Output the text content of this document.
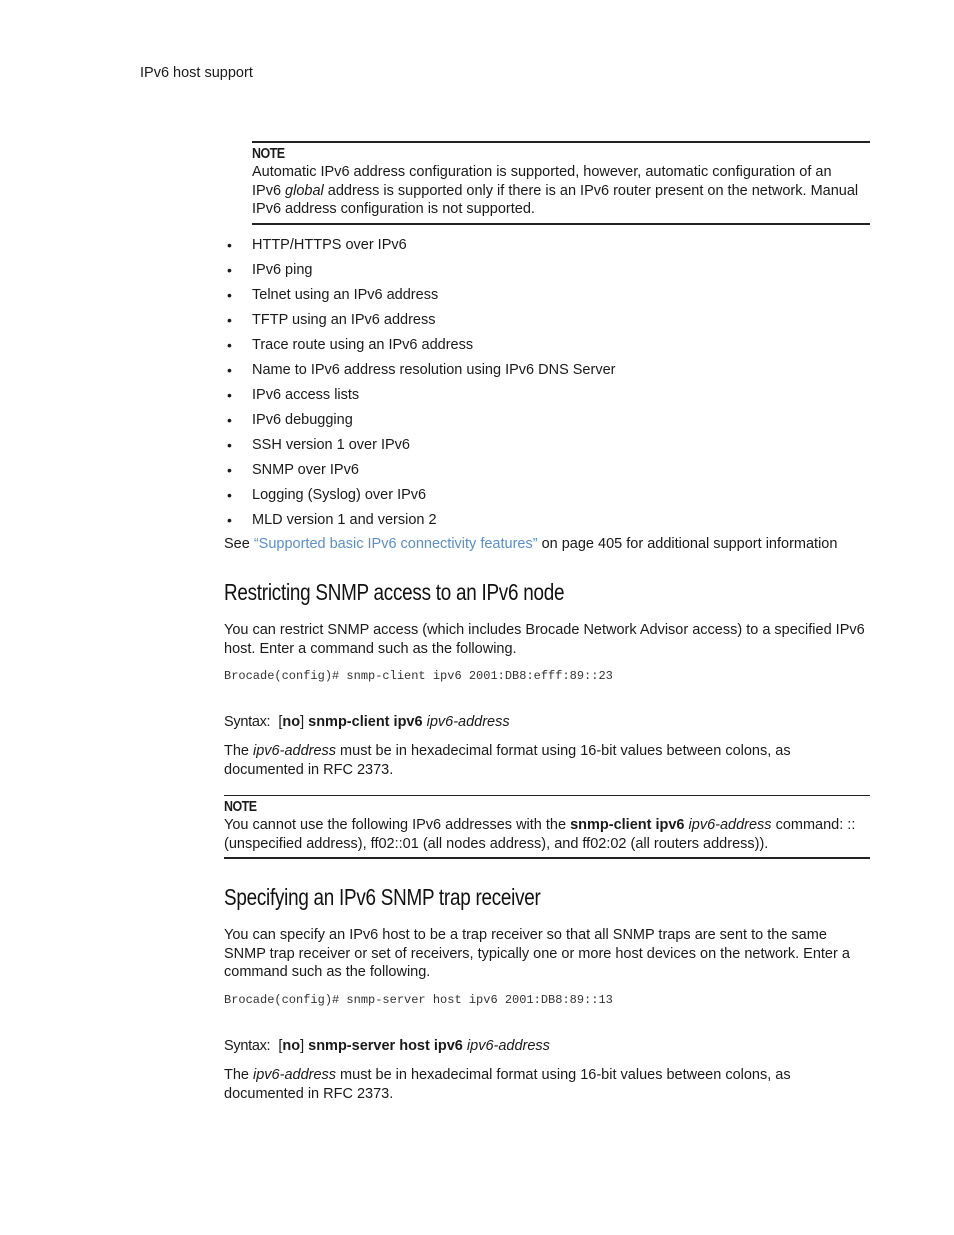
IPv6 host support
NOTE
Automatic IPv6 address configuration is supported, however, automatic configuration of an
IPv6 global address is supported only if there is an IPv6 router present on the network. Manual
IPv6 address configuration is not supported.
• HTTP/HTTPS over IPv6
• IPv6 ping
• Telnet using an IPv6 address
• TFTP using an IPv6 address
• Trace route using an IPv6 address
• Name to IPv6 address resolution using IPv6 DNS Server
• IPv6 access lists
• IPv6 debugging
• SSH version 1 over IPv6
• SNMP over IPv6
• Logging (Syslog) over IPv6
• MLD version 1 and version 2
See “Supported basic IPv6 connectivity features” on page 405 for additional support information
Restricting SNMP access to an IPv6 node
You can restrict SNMP access (which includes Brocade Network Advisor access) to a specified IPv6
host. Enter a command such as the following.
Brocade(config)# snmp-client ipv6 2001:DB8:efff:89::23
Syntax: [no] snmp-client ipv6 ipv6-address
The ipv6-address must be in hexadecimal format using 16-bit values between colons, as
documented in RFC 2373.
NOTE
You cannot use the following IPv6 addresses with the snmp-client ipv6 ipv6-address command: ::
(unspecified address), ff02::01 (all nodes address), and ff02:02 (all routers address)).
Specifying an IPv6 SNMP trap receiver
You can specify an IPv6 host to be a trap receiver so that all SNMP traps are sent to the same
SNMP trap receiver or set of receivers, typically one or more host devices on the network. Enter a
command such as the following.
Brocade(config)# snmp-server host ipv6 2001:DB8:89::13
Syntax: [no] snmp-server host ipv6 ipv6-address
The ipv6-address must be in hexadecimal format using 16-bit values between colons, as
documented in RFC 2373.
